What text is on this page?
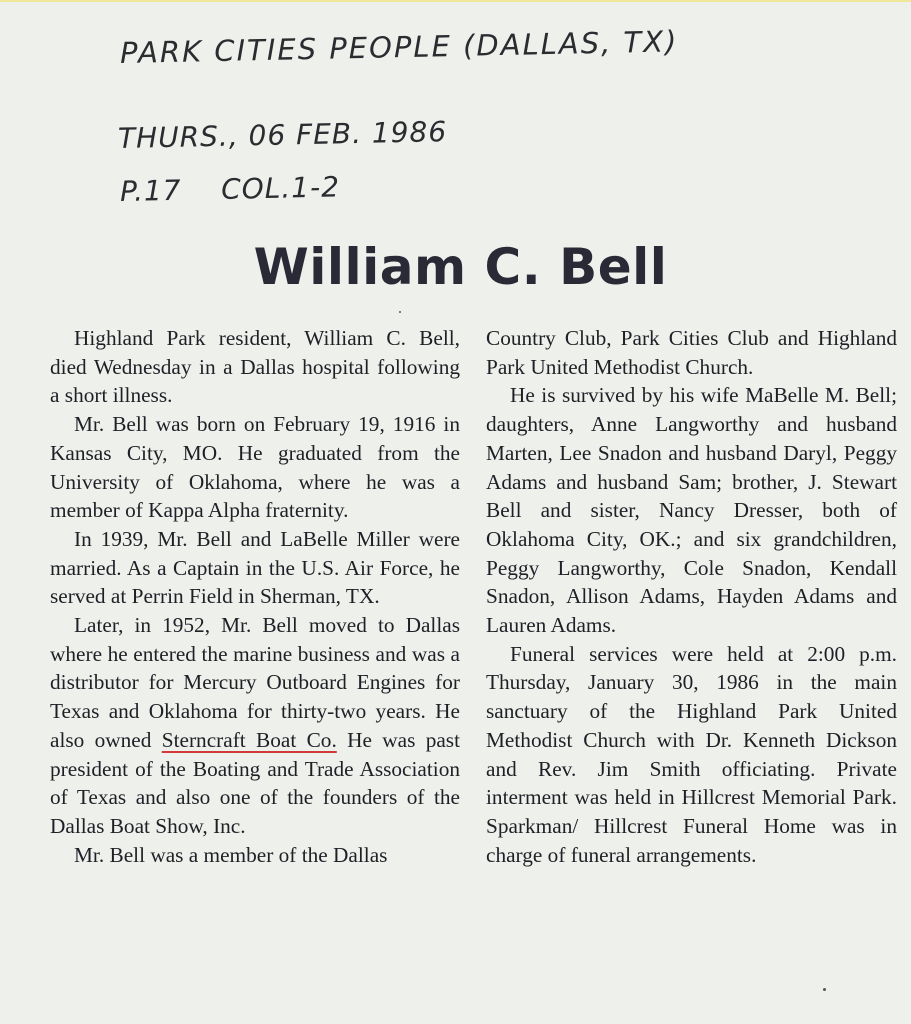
PARK CITIES PEOPLE (DALLAS, TX)
THURS., 06 FEB. 1986
P.17    COL.1-2
William C. Bell

Highland Park resident, William C. Bell, died Wednesday in a Dallas hospital following a short illness.

Mr. Bell was born on February 19, 1916 in Kansas City, MO. He graduated from the University of Oklahoma, where he was a member of Kappa Alpha fraternity.

In 1939, Mr. Bell and LaBelle Miller were married. As a Captain in the U.S. Air Force, he served at Perrin Field in Sherman, TX.

Later, in 1952, Mr. Bell moved to Dallas where he entered the marine business and was a distributor for Mercury Outboard Engines for Texas and Oklahoma for thirty-two years. He also owned Sterncraft Boat Co. He was past president of the Boating and Trade Association of Texas and also one of the founders of the Dallas Boat Show, Inc.

Mr. Bell was a member of the Dallas

Country Club, Park Cities Club and Highland Park United Methodist Church.

He is survived by his wife MaBelle M. Bell; daughters, Anne Langworthy and husband Marten, Lee Snadon and husband Daryl, Peggy Adams and husband Sam; brother, J. Stewart Bell and sister, Nancy Dresser, both of Oklahoma City, OK.; and six grandchildren, Peggy Langworthy, Cole Snadon, Kendall Snadon, Allison Adams, Hayden Adams and Lauren Adams.

Funeral services were held at 2:00 p.m. Thursday, January 30, 1986 in the main sanctuary of the Highland Park United Methodist Church with Dr. Kenneth Dickson and Rev. Jim Smith officiating. Private interment was held in Hillcrest Memorial Park. Sparkman/ Hillcrest Funeral Home was in charge of funeral arrangements.
